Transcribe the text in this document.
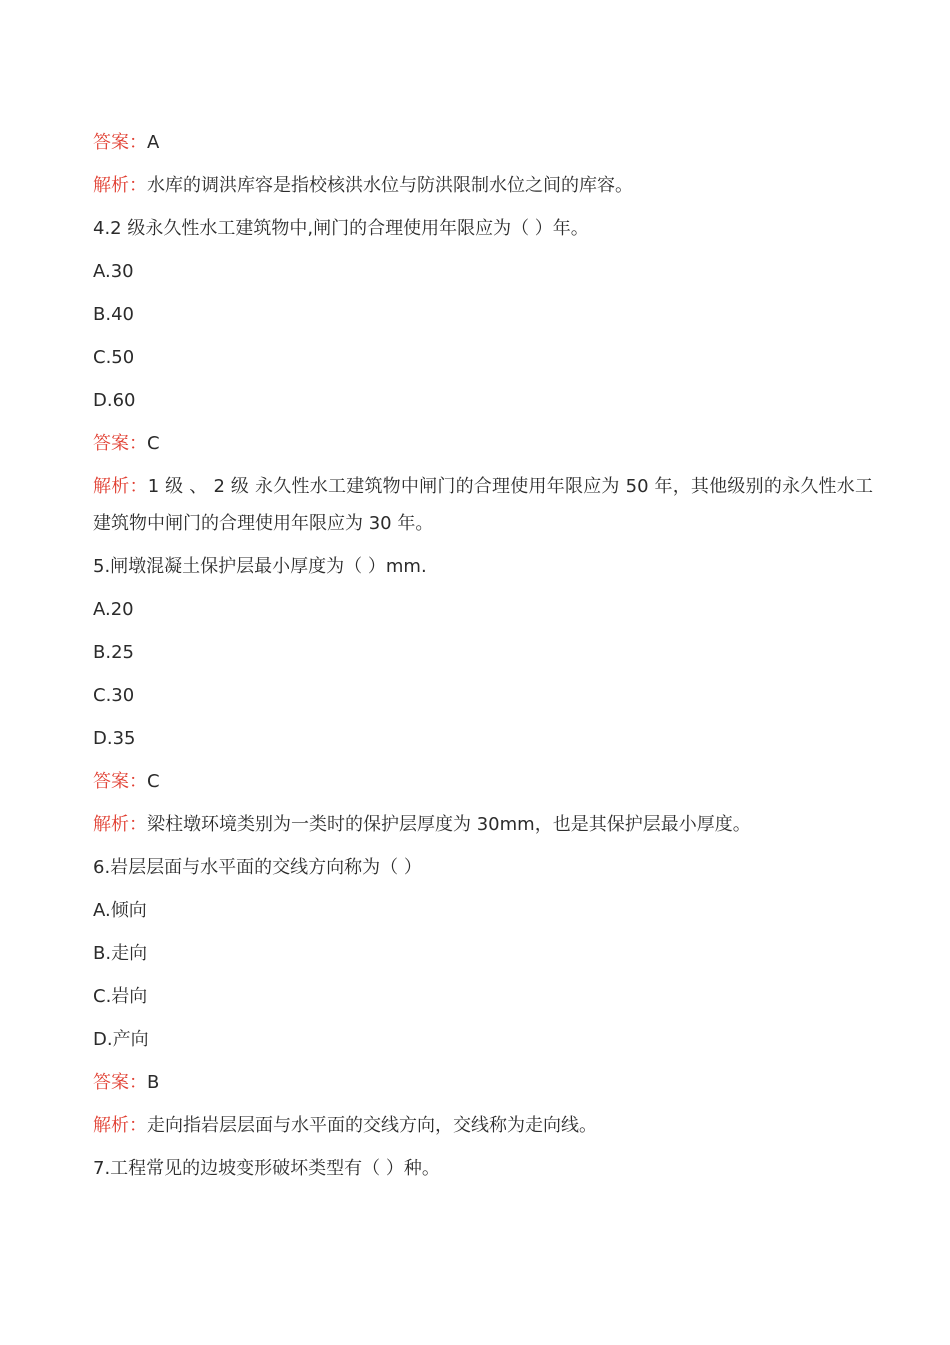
答案：A
解析：水库的调洪库容是指校核洪水位与防洪限制水位之间的库容。
4.2 级永久性水工建筑物中,闸门的合理使用年限应为（ ）年。
A.30
B.40
C.50
D.60
答案：C
解析：1 级 、 2 级 永久性水工建筑物中闸门的合理使用年限应为 50 年，其他级别的永久性水工建筑物中闸门的合理使用年限应为 30 年。
5.闸墩混凝土保护层最小厚度为（ ）mm.
A.20
B.25
C.30
D.35
答案：C
解析：梁柱墩环境类别为一类时的保护层厚度为 30mm，也是其保护层最小厚度。
6.岩层层面与水平面的交线方向称为（ ）
A.倾向
B.走向
C.岩向
D.产向
答案：B
解析：走向指岩层层面与水平面的交线方向，交线称为走向线。
7.工程常见的边坡变形破坏类型有（ ）种。
